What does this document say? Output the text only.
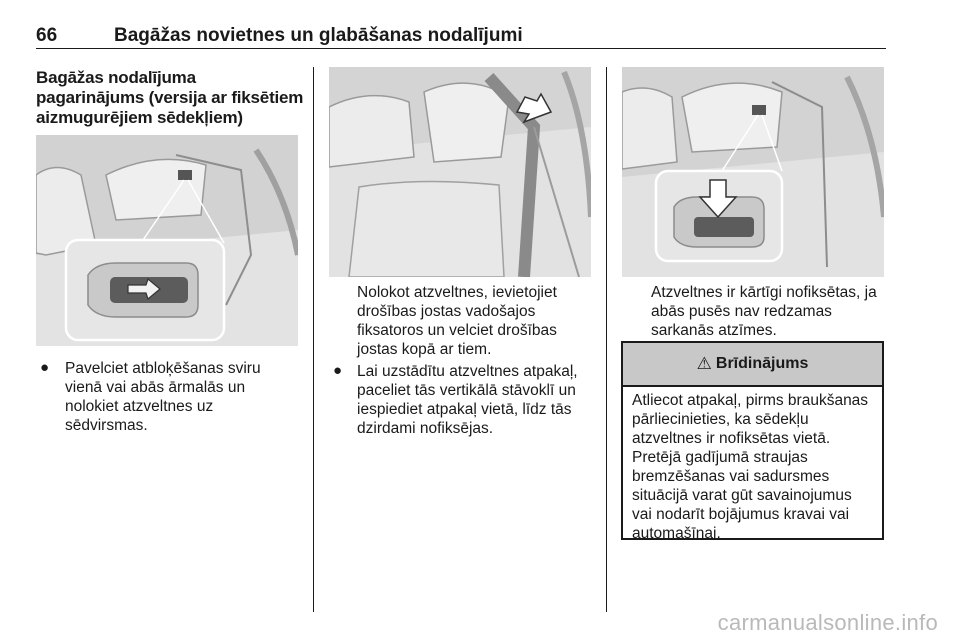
66	Bagāžas novietnes un glabāšanas nodalījumi
Bagāžas nodalījuma
pagarinājums (versija ar fiksētiem
aizmugurējiem sēdekļiem)
● Pavelciet atbloķēšanas sviru
vienā vai abās ārmalās un
nolokiet atzveltnes uz
sēdvirsmas.
Nolokot atzveltnes, ievietojiet
drošības jostas vadošajos
fiksatoros un velciet drošības
jostas kopā ar tiem.
● Lai uzstādītu atzveltnes atpakaļ,
paceliet tās vertikālā stāvoklī un
iespiediet atpakaļ vietā, līdz tās
dzirdami nofiksējas.
Atzveltnes ir kārtīgi nofiksētas, ja
abās pusēs nav redzamas
sarkanās atzīmes.
⚠ Brīdinājums
Atliecot atpakaļ, pirms braukšanas
pārliecinieties, ka sēdekļu
atzveltnes ir nofiksētas vietā.
Pretējā gadījumā straujas
bremzēšanas vai sadursmes
situācijā varat gūt savainojumus
vai nodarīt bojājumus kravai vai
automašīnai.
carmanualsonline.info
